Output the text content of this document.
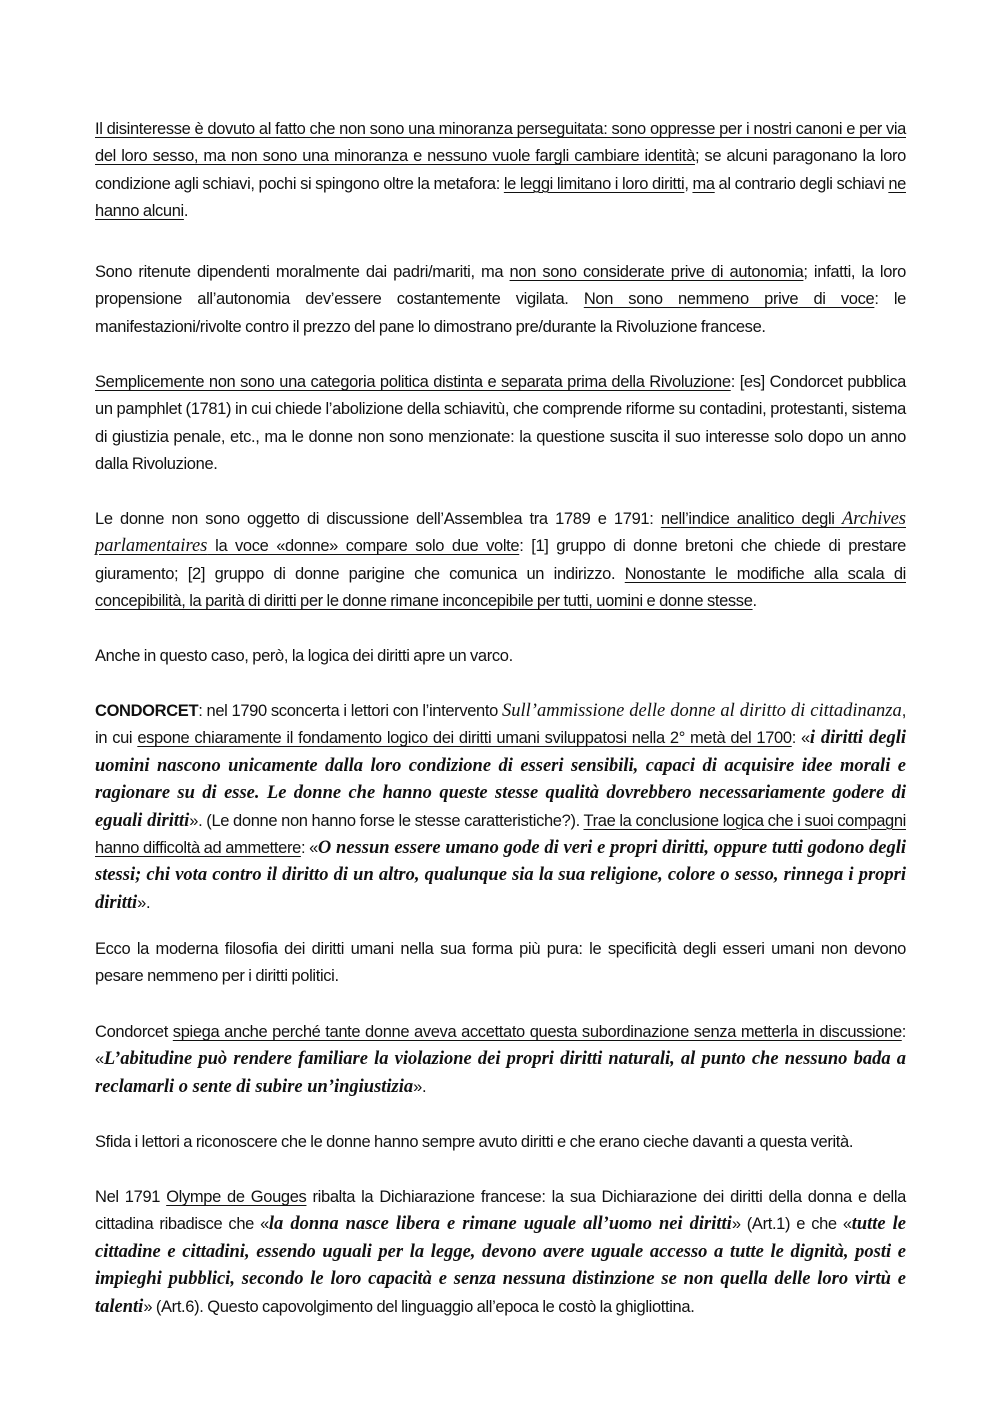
Il disinteresse è dovuto al fatto che non sono una minoranza perseguitata: sono oppresse per i nostri canoni e per via del loro sesso, ma non sono una minoranza e nessuno vuole fargli cambiare identità; se alcuni paragonano la loro condizione agli schiavi, pochi si spingono oltre la metafora: le leggi limitano i loro diritti, ma al contrario degli schiavi ne hanno alcuni.

Sono ritenute dipendenti moralmente dai padri/mariti, ma non sono considerate prive di autonomia; infatti, la loro propensione all’autonomia dev’essere costantemente vigilata. Non sono nemmeno prive di voce: le manifestazioni/rivolte contro il prezzo del pane lo dimostrano pre/durante la Rivoluzione francese.

Semplicemente non sono una categoria politica distinta e separata prima della Rivoluzione: [es] Condorcet pubblica un pamphlet (1781) in cui chiede l’abolizione della schiavitù, che comprende riforme su contadini, protestanti, sistema di giustizia penale, etc., ma le donne non sono menzionate: la questione suscita il suo interesse solo dopo un anno dalla Rivoluzione.

Le donne non sono oggetto di discussione dell’Assemblea tra 1789 e 1791: nell’indice analitico degli Archives parlamentaires la voce «donne» compare solo due volte: [1] gruppo di donne bretoni che chiede di prestare giuramento; [2] gruppo di donne parigine che comunica un indirizzo. Nonostante le modifiche alla scala di concepibilità, la parità di diritti per le donne rimane inconcepibile per tutti, uomini e donne stesse.

Anche in questo caso, però, la logica dei diritti apre un varco.

CONDORCET: nel 1790 sconcerta i lettori con l’intervento Sull’ammissione delle donne al diritto di cittadinanza, in cui espone chiaramente il fondamento logico dei diritti umani sviluppatosi nella 2° metà del 1700: «i diritti degli uomini nascono unicamente dalla loro condizione di esseri sensibili, capaci di acquisire idee morali e ragionare su di esse. Le donne che hanno queste stesse qualità dovrebbero necessariamente godere di eguali diritti». (Le donne non hanno forse le stesse caratteristiche?). Trae la conclusione logica che i suoi compagni hanno difficoltà ad ammettere: «O nessun essere umano gode di veri e propri diritti, oppure tutti godono degli stessi; chi vota contro il diritto di un altro, qualunque sia la sua religione, colore o sesso, rinnega i propri diritti».

Ecco la moderna filosofia dei diritti umani nella sua forma più pura: le specificità degli esseri umani non devono pesare nemmeno per i diritti politici.

Condorcet spiega anche perché tante donne aveva accettato questa subordinazione senza metterla in discussione: «L’abitudine può rendere familiare la violazione dei propri diritti naturali, al punto che nessuno bada a reclamarli o sente di subire un’ingiustizia».

Sfida i lettori a riconoscere che le donne hanno sempre avuto diritti e che erano cieche davanti a questa verità.

Nel 1791 Olympe de Gouges ribalta la Dichiarazione francese: la sua Dichiarazione dei diritti della donna e della cittadina ribadisce che «la donna nasce libera e rimane uguale all’uomo nei diritti» (Art.1) e che «tutte le cittadine e cittadini, essendo uguali per la legge, devono avere uguale accesso a tutte le dignità, posti e impieghi pubblici, secondo le loro capacità e senza nessuna distinzione se non quella delle loro virtù e talenti» (Art.6). Questo capovolgimento del linguaggio all’epoca le costò la ghigliottina.
